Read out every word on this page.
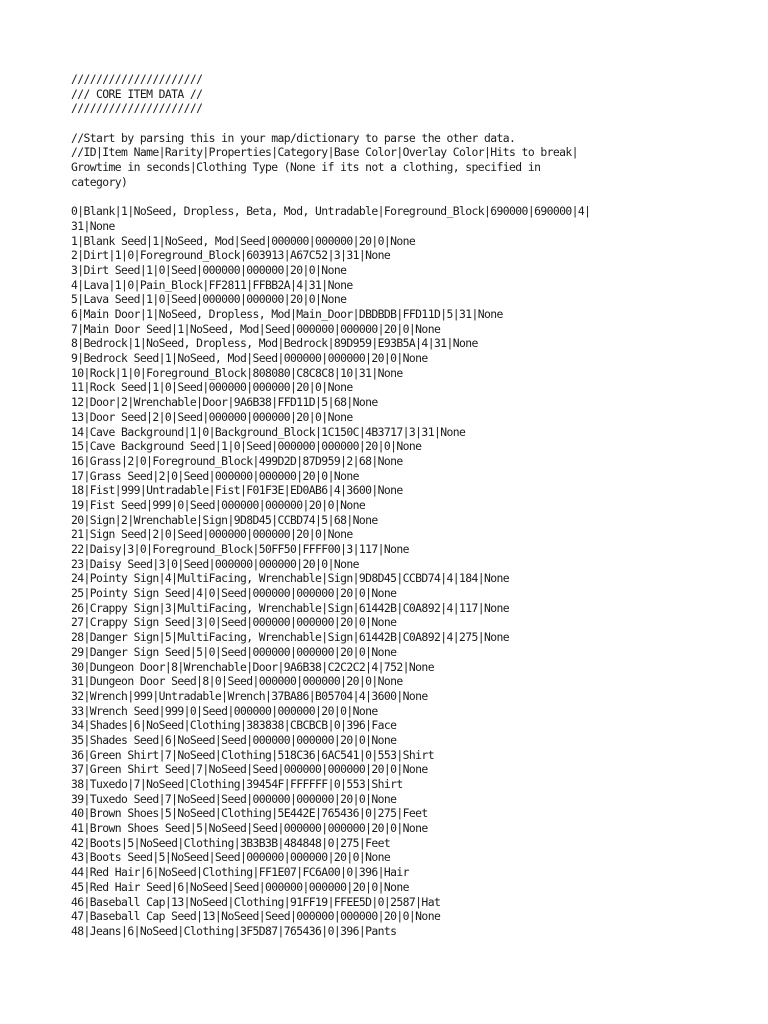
/////////////////////
/// CORE ITEM DATA //
/////////////////////
//Start by parsing this in your map/dictionary to parse the other data.
//ID|Item Name|Rarity|Properties|Category|Base Color|Overlay Color|Hits to break|
Growtime in seconds|Clothing Type (None if its not a clothing, specified in
category)
0|Blank|1|NoSeed, Dropless, Beta, Mod, Untradable|Foreground_Block|690000|690000|4|
31|None
1|Blank Seed|1|NoSeed, Mod|Seed|000000|000000|20|0|None
2|Dirt|1|0|Foreground_Block|603913|A67C52|3|31|None
3|Dirt Seed|1|0|Seed|000000|000000|20|0|None
4|Lava|1|0|Pain_Block|FF2811|FFBB2A|4|31|None
5|Lava Seed|1|0|Seed|000000|000000|20|0|None
6|Main Door|1|NoSeed, Dropless, Mod|Main_Door|DBDBDB|FFD11D|5|31|None
7|Main Door Seed|1|NoSeed, Mod|Seed|000000|000000|20|0|None
8|Bedrock|1|NoSeed, Dropless, Mod|Bedrock|89D959|E93B5A|4|31|None
9|Bedrock Seed|1|NoSeed, Mod|Seed|000000|000000|20|0|None
10|Rock|1|0|Foreground_Block|808080|C8C8C8|10|31|None
11|Rock Seed|1|0|Seed|000000|000000|20|0|None
12|Door|2|Wrenchable|Door|9A6B38|FFD11D|5|68|None
13|Door Seed|2|0|Seed|000000|000000|20|0|None
14|Cave Background|1|0|Background_Block|1C150C|4B3717|3|31|None
15|Cave Background Seed|1|0|Seed|000000|000000|20|0|None
16|Grass|2|0|Foreground_Block|499D2D|87D959|2|68|None
17|Grass Seed|2|0|Seed|000000|000000|20|0|None
18|Fist|999|Untradable|Fist|F01F3E|ED0AB6|4|3600|None
19|Fist Seed|999|0|Seed|000000|000000|20|0|None
20|Sign|2|Wrenchable|Sign|9D8D45|CCBD74|5|68|None
21|Sign Seed|2|0|Seed|000000|000000|20|0|None
22|Daisy|3|0|Foreground_Block|50FF50|FFFF00|3|117|None
23|Daisy Seed|3|0|Seed|000000|000000|20|0|None
24|Pointy Sign|4|MultiFacing, Wrenchable|Sign|9D8D45|CCBD74|4|184|None
25|Pointy Sign Seed|4|0|Seed|000000|000000|20|0|None
26|Crappy Sign|3|MultiFacing, Wrenchable|Sign|61442B|C0A892|4|117|None
27|Crappy Sign Seed|3|0|Seed|000000|000000|20|0|None
28|Danger Sign|5|MultiFacing, Wrenchable|Sign|61442B|C0A892|4|275|None
29|Danger Sign Seed|5|0|Seed|000000|000000|20|0|None
30|Dungeon Door|8|Wrenchable|Door|9A6B38|C2C2C2|4|752|None
31|Dungeon Door Seed|8|0|Seed|000000|000000|20|0|None
32|Wrench|999|Untradable|Wrench|37BA86|B05704|4|3600|None
33|Wrench Seed|999|0|Seed|000000|000000|20|0|None
34|Shades|6|NoSeed|Clothing|383838|CBCBCB|0|396|Face
35|Shades Seed|6|NoSeed|Seed|000000|000000|20|0|None
36|Green Shirt|7|NoSeed|Clothing|518C36|6AC541|0|553|Shirt
37|Green Shirt Seed|7|NoSeed|Seed|000000|000000|20|0|None
38|Tuxedo|7|NoSeed|Clothing|39454F|FFFFFF|0|553|Shirt
39|Tuxedo Seed|7|NoSeed|Seed|000000|000000|20|0|None
40|Brown Shoes|5|NoSeed|Clothing|5E442E|765436|0|275|Feet
41|Brown Shoes Seed|5|NoSeed|Seed|000000|000000|20|0|None
42|Boots|5|NoSeed|Clothing|3B3B3B|484848|0|275|Feet
43|Boots Seed|5|NoSeed|Seed|000000|000000|20|0|None
44|Red Hair|6|NoSeed|Clothing|FF1E07|FC6A00|0|396|Hair
45|Red Hair Seed|6|NoSeed|Seed|000000|000000|20|0|None
46|Baseball Cap|13|NoSeed|Clothing|91FF19|FFEE5D|0|2587|Hat
47|Baseball Cap Seed|13|NoSeed|Seed|000000|000000|20|0|None
48|Jeans|6|NoSeed|Clothing|3F5D87|765436|0|396|Pants
